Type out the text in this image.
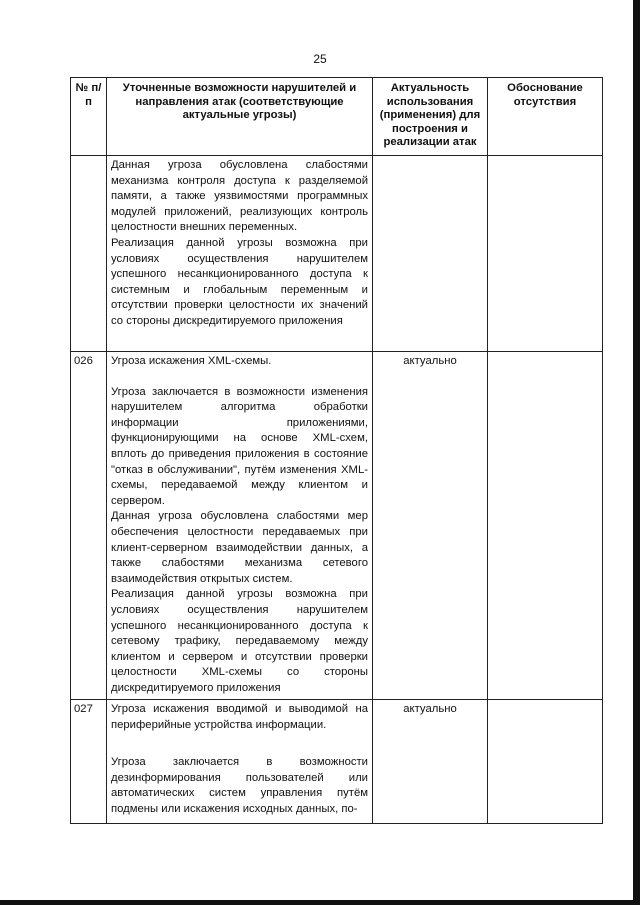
25
№ п/п	Уточненные возможности нарушителей и направления атак (соответствующие актуальные угрозы)	Актуальность использования (применения) для построения и реализации атак	Обоснование отсутствия

	Данная угроза обусловлена слабостями механизма контроля доступа к разделяемой памяти, а также уязвимостями программных модулей приложений, реализующих контроль целостности внешних переменных.

Реализация данной угрозы возможна при условиях осуществления нарушителем успешного несанкционированного доступа к системным и глобальным переменным и отсутствии проверки целостности их значений со стороны дискредитируемого приложения		

026	Угроза искажения XML-схемы.

Угроза заключается в возможности изменения нарушителем алгоритма обработки информации приложениями, функционирующими на основе XML-схем, вплоть до приведения приложения в состояние "отказ в обслуживании", путём изменения XML-схемы, передаваемой между клиентом и сервером.

Данная угроза обусловлена слабостями мер обеспечения целостности передаваемых при клиент-серверном взаимодействии данных, а также слабостями механизма сетевого взаимодействия открытых систем.

Реализация данной угрозы возможна при условиях осуществления нарушителем успешного несанкционированного доступа к сетевому трафику, передаваемому между клиентом и сервером и отсутствии проверки целостности XML-схемы со стороны дискредитируемого приложения	актуально	
027	Угроза искажения вводимой и выводимой на периферийные устройства информации.

Угроза заключается в возможности дезинформирования пользователей или автоматических систем управления путём подмены или искажения исходных данных, по-	актуально	
